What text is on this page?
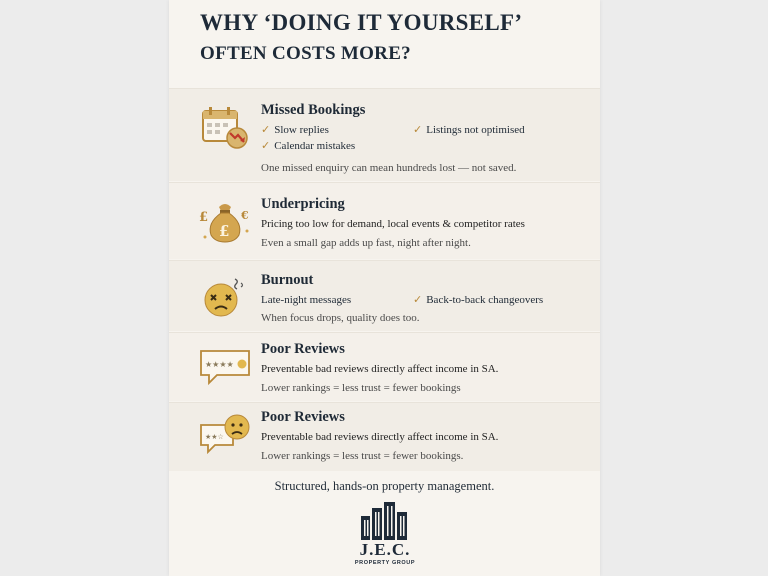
WHY ‘DOING IT YOURSELF’
OFTEN COSTS MORE?
Missed Bookings
✓ Slow replies	✓ Listings not optimised
✓ Calendar mistakes
One missed enquiry can mean hundreds lost — not saved.
£	€
£
Underpricing
Pricing too low for demand, local events & competitor rates
Even a small gap adds up fast, night after night.
Burnout
Late-night messages	✓ Back-to-back changeovers
When focus drops, quality does too.
★★★★
Poor Reviews
Preventable bad reviews directly affect income in SA.
Lower rankings = less trust = fewer bookings
★★☆
Poor Reviews
Preventable bad reviews directly affect income in SA.
Lower rankings = less trust = fewer bookings.
Structured, hands-on property management.
J.E.C.
PROPERTY GROUP
